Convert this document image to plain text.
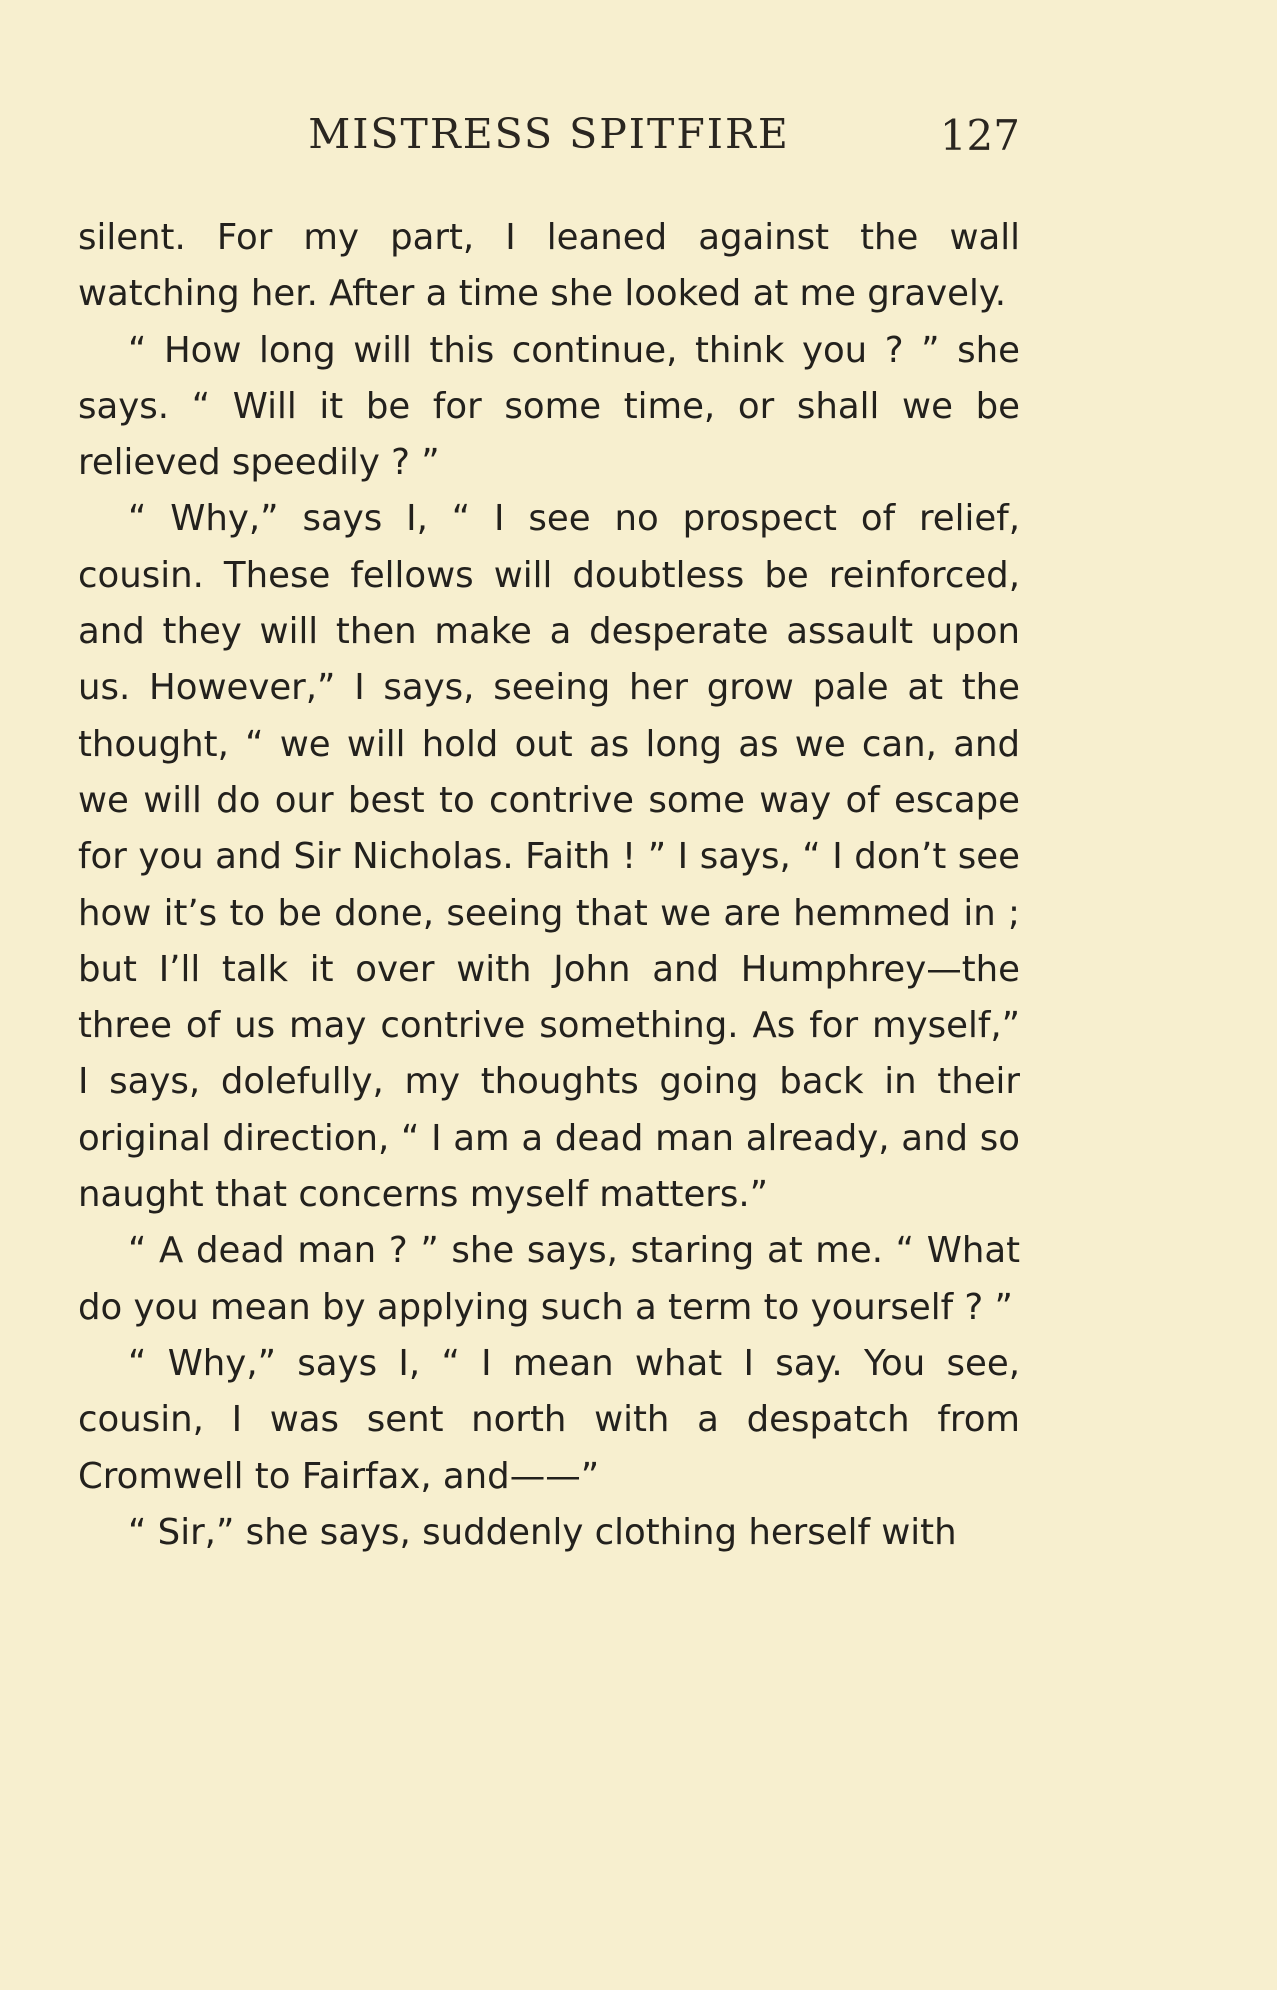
MISTRESS SPITFIRE	127

silent. For my part, I leaned against the wall watching her. After a time she looked at me gravely.

“ How long will this continue, think you ? ” she says. “ Will it be for some time, or shall we be relieved speedily ? ”

“ Why,” says I, “ I see no prospect of relief, cousin. These fellows will doubtless be reinforced, and they will then make a desperate assault upon us. However,” I says, seeing her grow pale at the thought, “ we will hold out as long as we can, and we will do our best to contrive some way of escape for you and Sir Nicholas. Faith ! ” I says, “ I don’t see how it’s to be done, seeing that we are hemmed in ; but I’ll talk it over with John and Humphrey—the three of us may contrive something. As for myself,” I says, dolefully, my thoughts going back in their original direction, “ I am a dead man already, and so naught that concerns myself matters.”

“ A dead man ? ” she says, staring at me. “ What do you mean by applying such a term to yourself ? ”

“ Why,” says I, “ I mean what I say. You see, cousin, I was sent north with a despatch from Cromwell to Fairfax, and——”

“ Sir,” she says, suddenly clothing herself with
